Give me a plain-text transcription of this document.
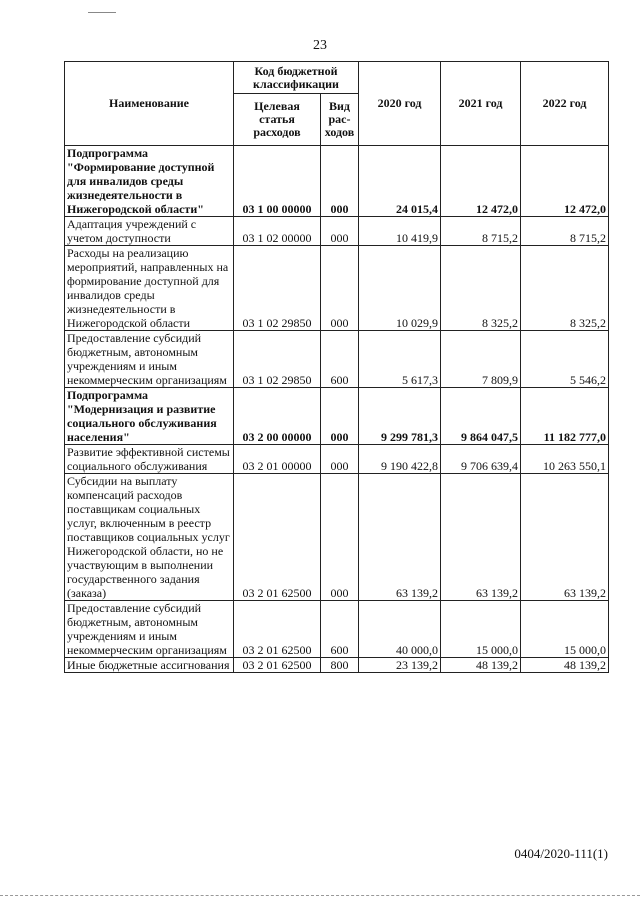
23
Наименование	Код бюджетной классификации		2020 год	2021 год	2022 год
	Целевая статья расходов	Вид рас-ходов			
Подпрограмма "Формирование доступной для инвалидов среды жизнедеятельности в Нижегородской области"	03 1 00 00000	000	24 015,4	12 472,0	12 472,0
Адаптация учреждений с учетом доступности	03 1 02 00000	000	10 419,9	8 715,2	8 715,2
Расходы на реализацию мероприятий, направленных на формирование доступной для инвалидов среды жизнедеятельности в Нижегородской области	03 1 02 29850	000	10 029,9	8 325,2	8 325,2
Предоставление субсидий бюджетным, автономным учреждениям и иным некоммерческим организациям	03 1 02 29850	600	5 617,3	7 809,9	5 546,2
Подпрограмма "Модернизация и развитие социального обслуживания населения"	03 2 00 00000	000	9 299 781,3	9 864 047,5	11 182 777,0
Развитие эффективной системы социального обслуживания	03 2 01 00000	000	9 190 422,8	9 706 639,4	10 263 550,1
Субсидии на выплату компенсаций расходов поставщикам социальных услуг, включенным в реестр поставщиков социальных услуг Нижегородской области, но не участвующим в выполнении государственного задания (заказа)	03 2 01 62500	000	63 139,2	63 139,2	63 139,2
Предоставление субсидий бюджетным, автономным учреждениям и иным некоммерческим организациям	03 2 01 62500	600	40 000,0	15 000,0	15 000,0
Иные бюджетные ассигнования	03 2 01 62500	800	23 139,2	48 139,2	48 139,2
0404/2020-111(1)
